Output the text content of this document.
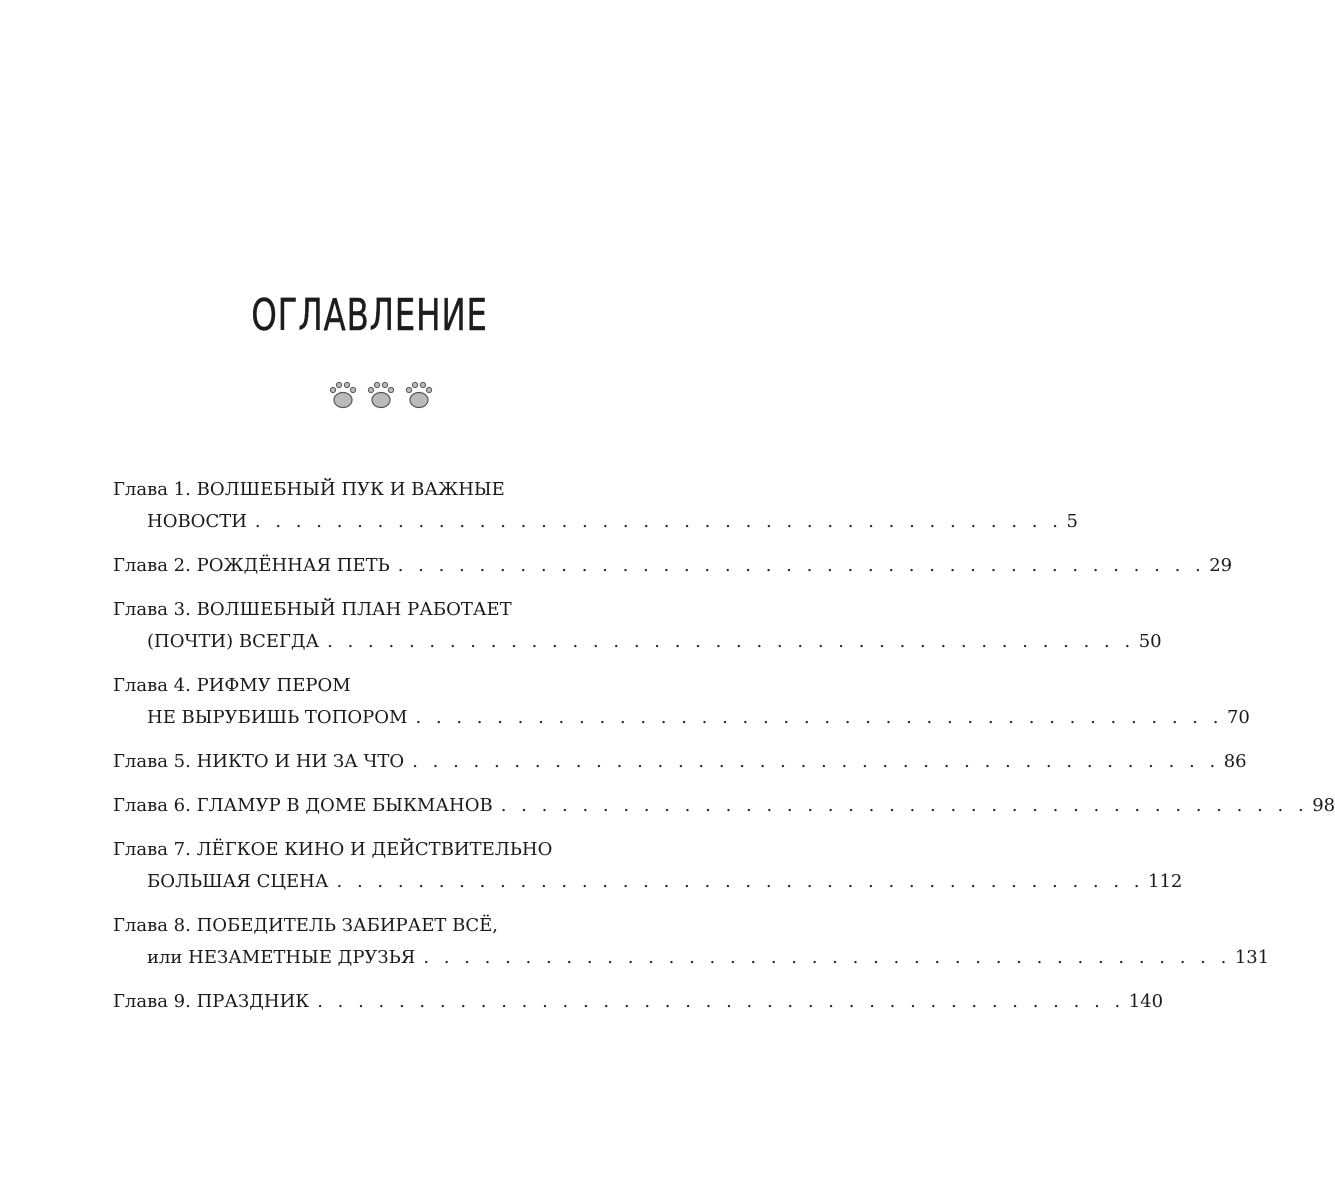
ОГЛАВЛЕНИЕ
Глава 1.
ВОЛШЕБНЫЙ ПУК И ВАЖНЫЕ
НОВОСТИ . . . . . . . . . . . . . . . . . . . . . . . . . . . . . . . . . . . . . . . . 5
Глава 2.
РОЖДЁННАЯ ПЕТЬ . . . . . . . . . . . . . . . . . . . . . . . . . . . . . . . . . . . . . . . . 29
Глава 3.
ВОЛШЕБНЫЙ ПЛАН РАБОТАЕТ
(ПОЧТИ) ВСЕГДА . . . . . . . . . . . . . . . . . . . . . . . . . . . . . . . . . . . . . . . . 50
Глава 4.
РИФМУ ПЕРОМ
НЕ ВЫРУБИШЬ ТОПОРОМ . . . . . . . . . . . . . . . . . . . . . . . . . . . . . . . . . . . . . . . . 70
Глава 5.
НИКТО И НИ ЗА ЧТО . . . . . . . . . . . . . . . . . . . . . . . . . . . . . . . . . . . . . . . . 86
Глава 6.
ГЛАМУР В ДОМЕ БЫКМАНОВ . . . . . . . . . . . . . . . . . . . . . . . . . . . . . . . . . . . . . . . . 98
Глава 7.
ЛЁГКОЕ КИНО И ДЕЙСТВИТЕЛЬНО
БОЛЬШАЯ СЦЕНА . . . . . . . . . . . . . . . . . . . . . . . . . . . . . . . . . . . . . . . . 112
Глава 8.
ПОБЕДИТЕЛЬ ЗАБИРАЕТ ВСЁ,
или НЕЗАМЕТНЫЕ ДРУЗЬЯ . . . . . . . . . . . . . . . . . . . . . . . . . . . . . . . . . . . . . . . . 131
Глава 9.
ПРАЗДНИК . . . . . . . . . . . . . . . . . . . . . . . . . . . . . . . . . . . . . . . . 140
